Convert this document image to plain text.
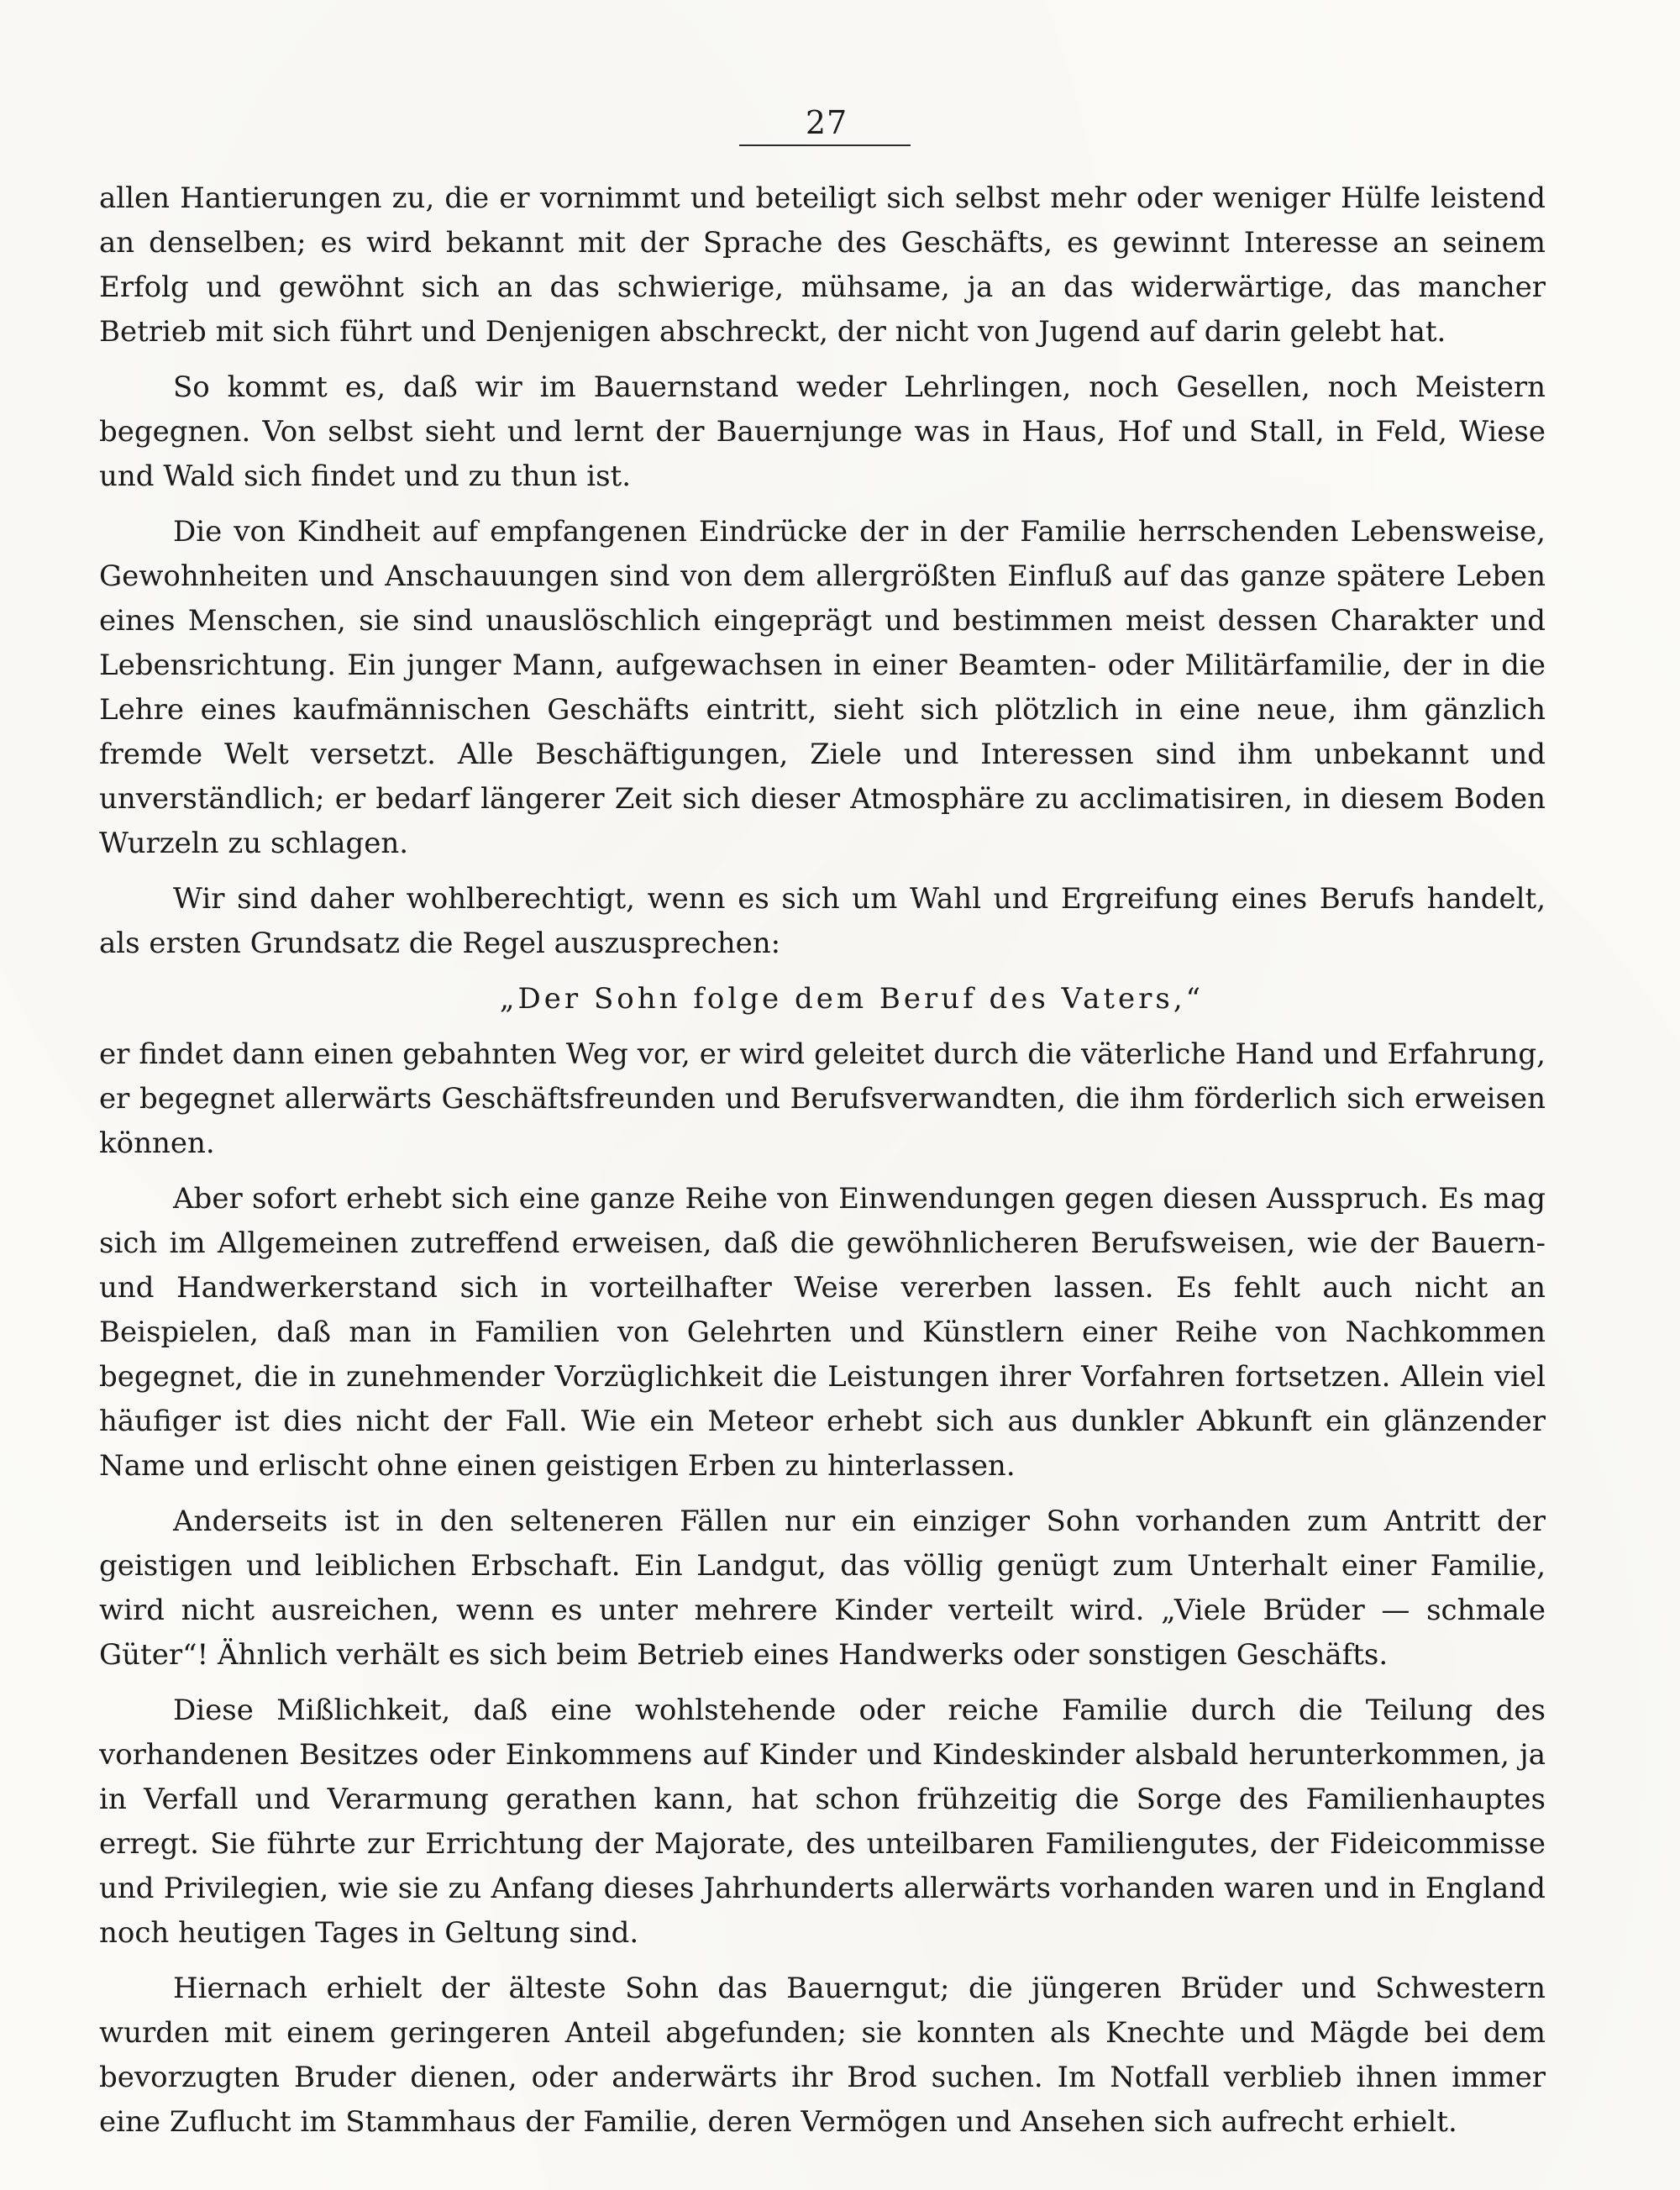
27

allen Hantierungen zu, die er vornimmt und beteiligt sich selbst mehr oder weniger Hülfe leistend an denselben; es wird bekannt mit der Sprache des Geschäfts, es gewinnt Interesse an seinem Erfolg und gewöhnt sich an das schwierige, mühsame, ja an das widerwärtige, das mancher Betrieb mit sich führt und Denjenigen abschreckt, der nicht von Jugend auf darin gelebt hat.

So kommt es, daß wir im Bauernstand weder Lehrlingen, noch Gesellen, noch Meistern begegnen. Von selbst sieht und lernt der Bauernjunge was in Haus, Hof und Stall, in Feld, Wiese und Wald sich findet und zu thun ist.

Die von Kindheit auf empfangenen Eindrücke der in der Familie herrschenden Lebensweise, Gewohnheiten und Anschauungen sind von dem allergrößten Einfluß auf das ganze spätere Leben eines Menschen, sie sind unauslöschlich eingeprägt und bestimmen meist dessen Charakter und Lebensrichtung. Ein junger Mann, aufgewachsen in einer Beamten- oder Militärfamilie, der in die Lehre eines kaufmännischen Geschäfts eintritt, sieht sich plötzlich in eine neue, ihm gänzlich fremde Welt versetzt. Alle Beschäftigungen, Ziele und Interessen sind ihm unbekannt und unverständlich; er bedarf längerer Zeit sich dieser Atmosphäre zu acclimatisiren, in diesem Boden Wurzeln zu schlagen.

Wir sind daher wohlberechtigt, wenn es sich um Wahl und Ergreifung eines Berufs handelt, als ersten Grundsatz die Regel auszusprechen:

„Der Sohn folge dem Beruf des Vaters,“

er findet dann einen gebahnten Weg vor, er wird geleitet durch die väterliche Hand und Erfahrung, er begegnet allerwärts Geschäftsfreunden und Berufsverwandten, die ihm förderlich sich erweisen können.

Aber sofort erhebt sich eine ganze Reihe von Einwendungen gegen diesen Ausspruch. Es mag sich im Allgemeinen zutreffend erweisen, daß die gewöhnlicheren Berufsweisen, wie der Bauern- und Handwerkerstand sich in vorteilhafter Weise vererben lassen. Es fehlt auch nicht an Beispielen, daß man in Familien von Gelehrten und Künstlern einer Reihe von Nachkommen begegnet, die in zunehmender Vorzüglichkeit die Leistungen ihrer Vorfahren fortsetzen. Allein viel häufiger ist dies nicht der Fall. Wie ein Meteor erhebt sich aus dunkler Abkunft ein glänzender Name und erlischt ohne einen geistigen Erben zu hinterlassen.

Anderseits ist in den selteneren Fällen nur ein einziger Sohn vorhanden zum Antritt der geistigen und leiblichen Erbschaft. Ein Landgut, das völlig genügt zum Unterhalt einer Familie, wird nicht ausreichen, wenn es unter mehrere Kinder verteilt wird. „Viele Brüder — schmale Güter“! Ähnlich verhält es sich beim Betrieb eines Handwerks oder sonstigen Geschäfts.

Diese Mißlichkeit, daß eine wohlstehende oder reiche Familie durch die Teilung des vorhandenen Besitzes oder Einkommens auf Kinder und Kindeskinder alsbald herunterkommen, ja in Verfall und Verarmung gerathen kann, hat schon frühzeitig die Sorge des Familienhauptes erregt. Sie führte zur Errichtung der Majorate, des unteilbaren Familiengutes, der Fideicommisse und Privilegien, wie sie zu Anfang dieses Jahrhunderts allerwärts vorhanden waren und in England noch heutigen Tages in Geltung sind.

Hiernach erhielt der älteste Sohn das Bauerngut; die jüngeren Brüder und Schwestern wurden mit einem geringeren Anteil abgefunden; sie konnten als Knechte und Mägde bei dem bevorzugten Bruder dienen, oder anderwärts ihr Brod suchen. Im Notfall verblieb ihnen immer eine Zuflucht im Stammhaus der Familie, deren Vermögen und Ansehen sich aufrecht erhielt.
